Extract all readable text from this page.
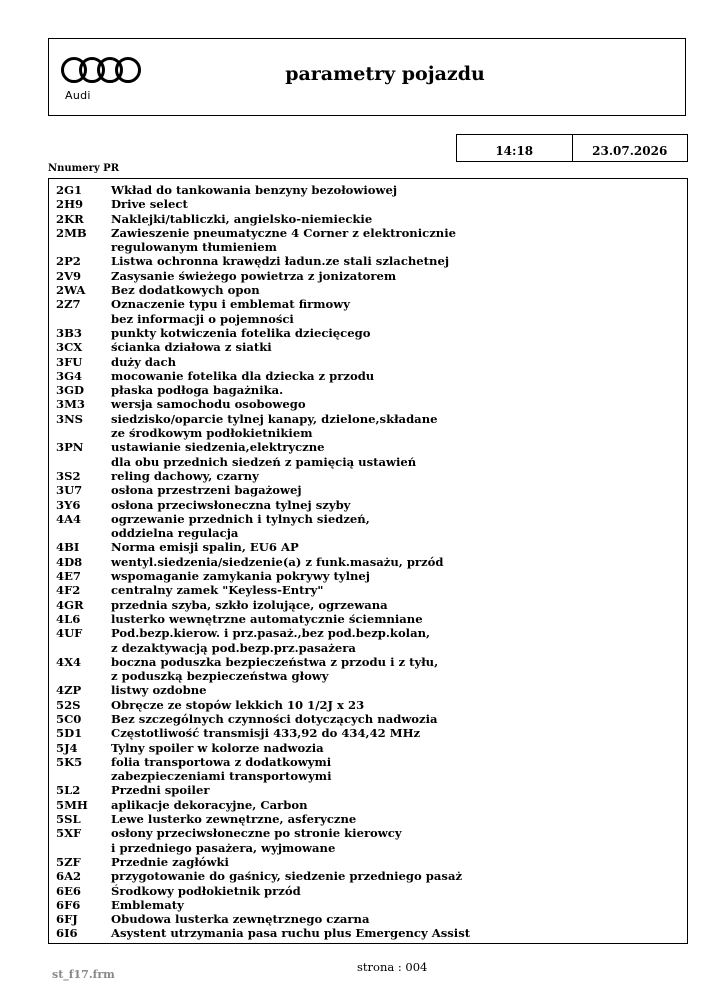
Audi
parametry pojazdu
14:18	23.07.2026
Nnumery PR
2G1	Wkład do tankowania benzyny bezołowiowej
2H9	Drive select
2KR	Naklejki/tabliczki, angielsko-niemieckie
2MB	Zawieszenie pneumatyczne 4 Corner z elektronicznie
regulowanym tłumieniem
2P2	Listwa ochronna krawędzi ładun.ze stali szlachetnej
2V9	Zasysanie świeżego powietrza z jonizatorem
2WA	Bez dodatkowych opon
2Z7	Oznaczenie typu i emblemat firmowy
bez informacji o pojemności
3B3	punkty kotwiczenia fotelika dziecięcego
3CX	ścianka działowa z siatki
3FU	duży dach
3G4	mocowanie fotelika dla dziecka z przodu
3GD	płaska podłoga bagażnika.
3M3	wersja samochodu osobowego
3NS	siedzisko/oparcie tylnej kanapy, dzielone,składane
ze środkowym podłokietnikiem
3PN	ustawianie siedzenia,elektryczne
dla obu przednich siedzeń z pamięcią ustawień
3S2	reling dachowy, czarny
3U7	osłona przestrzeni bagażowej
3Y6	osłona przeciwsłoneczna tylnej szyby
4A4	ogrzewanie przednich i tylnych siedzeń,
oddzielna regulacja
4BI	Norma emisji spalin, EU6 AP
4D8	wentyl.siedzenia/siedzenie(a) z funk.masażu, przód
4E7	wspomaganie zamykania pokrywy tylnej
4F2	centralny zamek "Keyless-Entry"
4GR	przednia szyba, szkło izolujące, ogrzewana
4L6	lusterko wewnętrzne automatycznie ściemniane
4UF	Pod.bezp.kierow. i prz.pasaż.,bez pod.bezp.kolan,
z dezaktywacją pod.bezp.prz.pasażera
4X4	boczna poduszka bezpieczeństwa z przodu i z tyłu,
z poduszką bezpieczeństwa głowy
4ZP	listwy ozdobne
52S	Obręcze ze stopów lekkich 10 1/2J x 23
5C0	Bez szczególnych czynności dotyczących nadwozia
5D1	Częstotliwość transmisji 433,92 do 434,42 MHz
5J4	Tylny spoiler w kolorze nadwozia
5K5	folia transportowa z dodatkowymi
zabezpieczeniami transportowymi
5L2	Przedni spoiler
5MH	aplikacje dekoracyjne, Carbon
5SL	Lewe lusterko zewnętrzne, asferyczne
5XF	osłony przeciwsłoneczne po stronie kierowcy
i przedniego pasażera, wyjmowane
5ZF	Przednie zagłówki
6A2	przygotowanie do gaśnicy, siedzenie przedniego pasaż
6E6	Środkowy podłokietnik przód
6F6	Emblematy
6FJ	Obudowa lusterka zewnętrznego czarna
6I6	Asystent utrzymania pasa ruchu plus Emergency Assist
st_f17.frm
strona : 004
